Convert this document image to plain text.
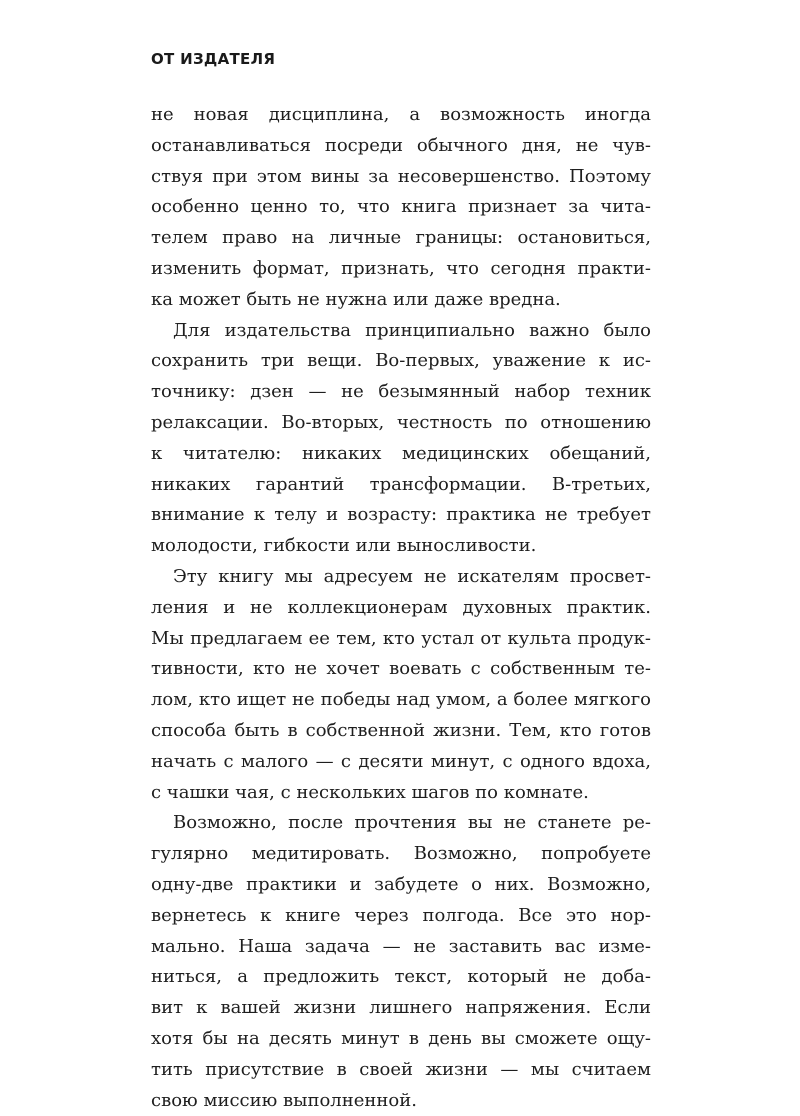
ОТ ИЗДАТЕЛЯ

не новая дисциплина, а возможность иногда
останавливаться посреди обычного дня, не чув-
ствуя при этом вины за несовершенство. Поэтому
особенно ценно то, что книга признает за чита-
телем право на личные границы: остановиться,
изменить формат, признать, что сегодня практи-
ка может быть не нужна или даже вредна.

Для издательства принципиально важно было
сохранить три вещи. Во-первых, уважение к ис-
точнику: дзен — не безымянный набор техник
релаксации. Во-вторых, честность по отношению
к читателю: никаких медицинских обещаний,
никаких гарантий трансформации. В-третьих,
внимание к телу и возрасту: практика не требует
молодости, гибкости или выносливости.

Эту книгу мы адресуем не искателям просвет-
ления и не коллекционерам духовных практик.
Мы предлагаем ее тем, кто устал от культа продук-
тивности, кто не хочет воевать с собственным те-
лом, кто ищет не победы над умом, а более мягкого
способа быть в собственной жизни. Тем, кто готов
начать с малого — с десяти минут, с одного вдоха,
с чашки чая, с нескольких шагов по комнате.

Возможно, после прочтения вы не станете ре-
гулярно медитировать. Возможно, попробуете
одну-две практики и забудете о них. Возможно,
вернетесь к книге через полгода. Все это нор-
мально. Наша задача — не заставить вас изме-
ниться, а предложить текст, который не доба-
вит к вашей жизни лишнего напряжения. Если
хотя бы на десять минут в день вы сможете ощу-
тить присутствие в своей жизни — мы считаем
свою миссию выполненной.
